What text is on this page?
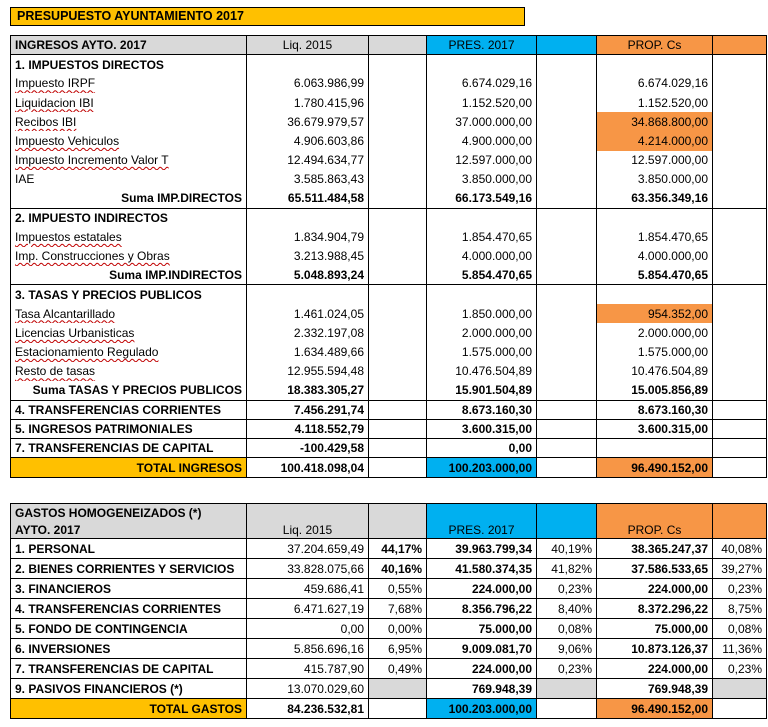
PRESUPUESTO AYUNTAMIENTO 2017
INGRESOS AYTO. 2017	Liq. 2015		PRES. 2017		PROP. Cs	
1. IMPUESTOS DIRECTOS						
Impuesto IRPF	6.063.986,99		6.674.029,16		6.674.029,16	
Liquidacion IBI	1.780.415,96		1.152.520,00		1.152.520,00	
Recibos IBI	36.679.979,57		37.000.000,00		34.868.800,00	
Impuesto Vehiculos	4.906.603,86		4.900.000,00		4.214.000,00	
Impuesto Incremento Valor T	12.494.634,77		12.597.000,00		12.597.000,00	
IAE	3.585.863,43		3.850.000,00		3.850.000,00	
Suma IMP.DIRECTOS	65.511.484,58		66.173.549,16		63.356.349,16	
2. IMPUESTO INDIRECTOS						
Impuestos estatales	1.834.904,79		1.854.470,65		1.854.470,65	
Imp. Construcciones y Obras	3.213.988,45		4.000.000,00		4.000.000,00	
Suma IMP.INDIRECTOS	5.048.893,24		5.854.470,65		5.854.470,65	
3. TASAS Y PRECIOS PUBLICOS						
Tasa Alcantarillado	1.461.024,05		1.850.000,00		954.352,00	
Licencias Urbanisticas	2.332.197,08		2.000.000,00		2.000.000,00	
Estacionamiento Regulado	1.634.489,66		1.575.000,00		1.575.000,00	
Resto de tasas	12.955.594,48		10.476.504,89		10.476.504,89	
Suma TASAS Y PRECIOS PUBLICOS	18.383.305,27		15.901.504,89		15.005.856,89	
4. TRANSFERENCIAS CORRIENTES	7.456.291,74		8.673.160,30		8.673.160,30	
5. INGRESOS PATRIMONIALES	4.118.552,79		3.600.315,00		3.600.315,00	
7. TRANSFERENCIAS DE CAPITAL	-100.429,58		0,00			
TOTAL INGRESOS	100.418.098,04		100.203.000,00		96.490.152,00	
GASTOS HOMOGENEIZADOS (*)						
AYTO. 2017	Liq. 2015		PRES. 2017		PROP. Cs	
1. PERSONAL	37.204.659,49	44,17%	39.963.799,34	40,19%	38.365.247,37	40,08%
2. BIENES CORRIENTES Y SERVICIOS	33.828.075,66	40,16%	41.580.374,35	41,82%	37.586.533,65	39,27%
3. FINANCIEROS	459.686,41	0,55%	224.000,00	0,23%	224.000,00	0,23%
4. TRANSFERENCIAS CORRIENTES	6.471.627,19	7,68%	8.356.796,22	8,40%	8.372.296,22	8,75%
5. FONDO DE CONTINGENCIA	0,00	0,00%	75.000,00	0,08%	75.000,00	0,08%
6. INVERSIONES	5.856.696,16	6,95%	9.009.081,70	9,06%	10.873.126,37	11,36%
7. TRANSFERENCIAS DE CAPITAL	415.787,90	0,49%	224.000,00	0,23%	224.000,00	0,23%
9. PASIVOS FINANCIEROS (*)	13.070.029,60		769.948,39		769.948,39	
TOTAL GASTOS	84.236.532,81		100.203.000,00		96.490.152,00	
